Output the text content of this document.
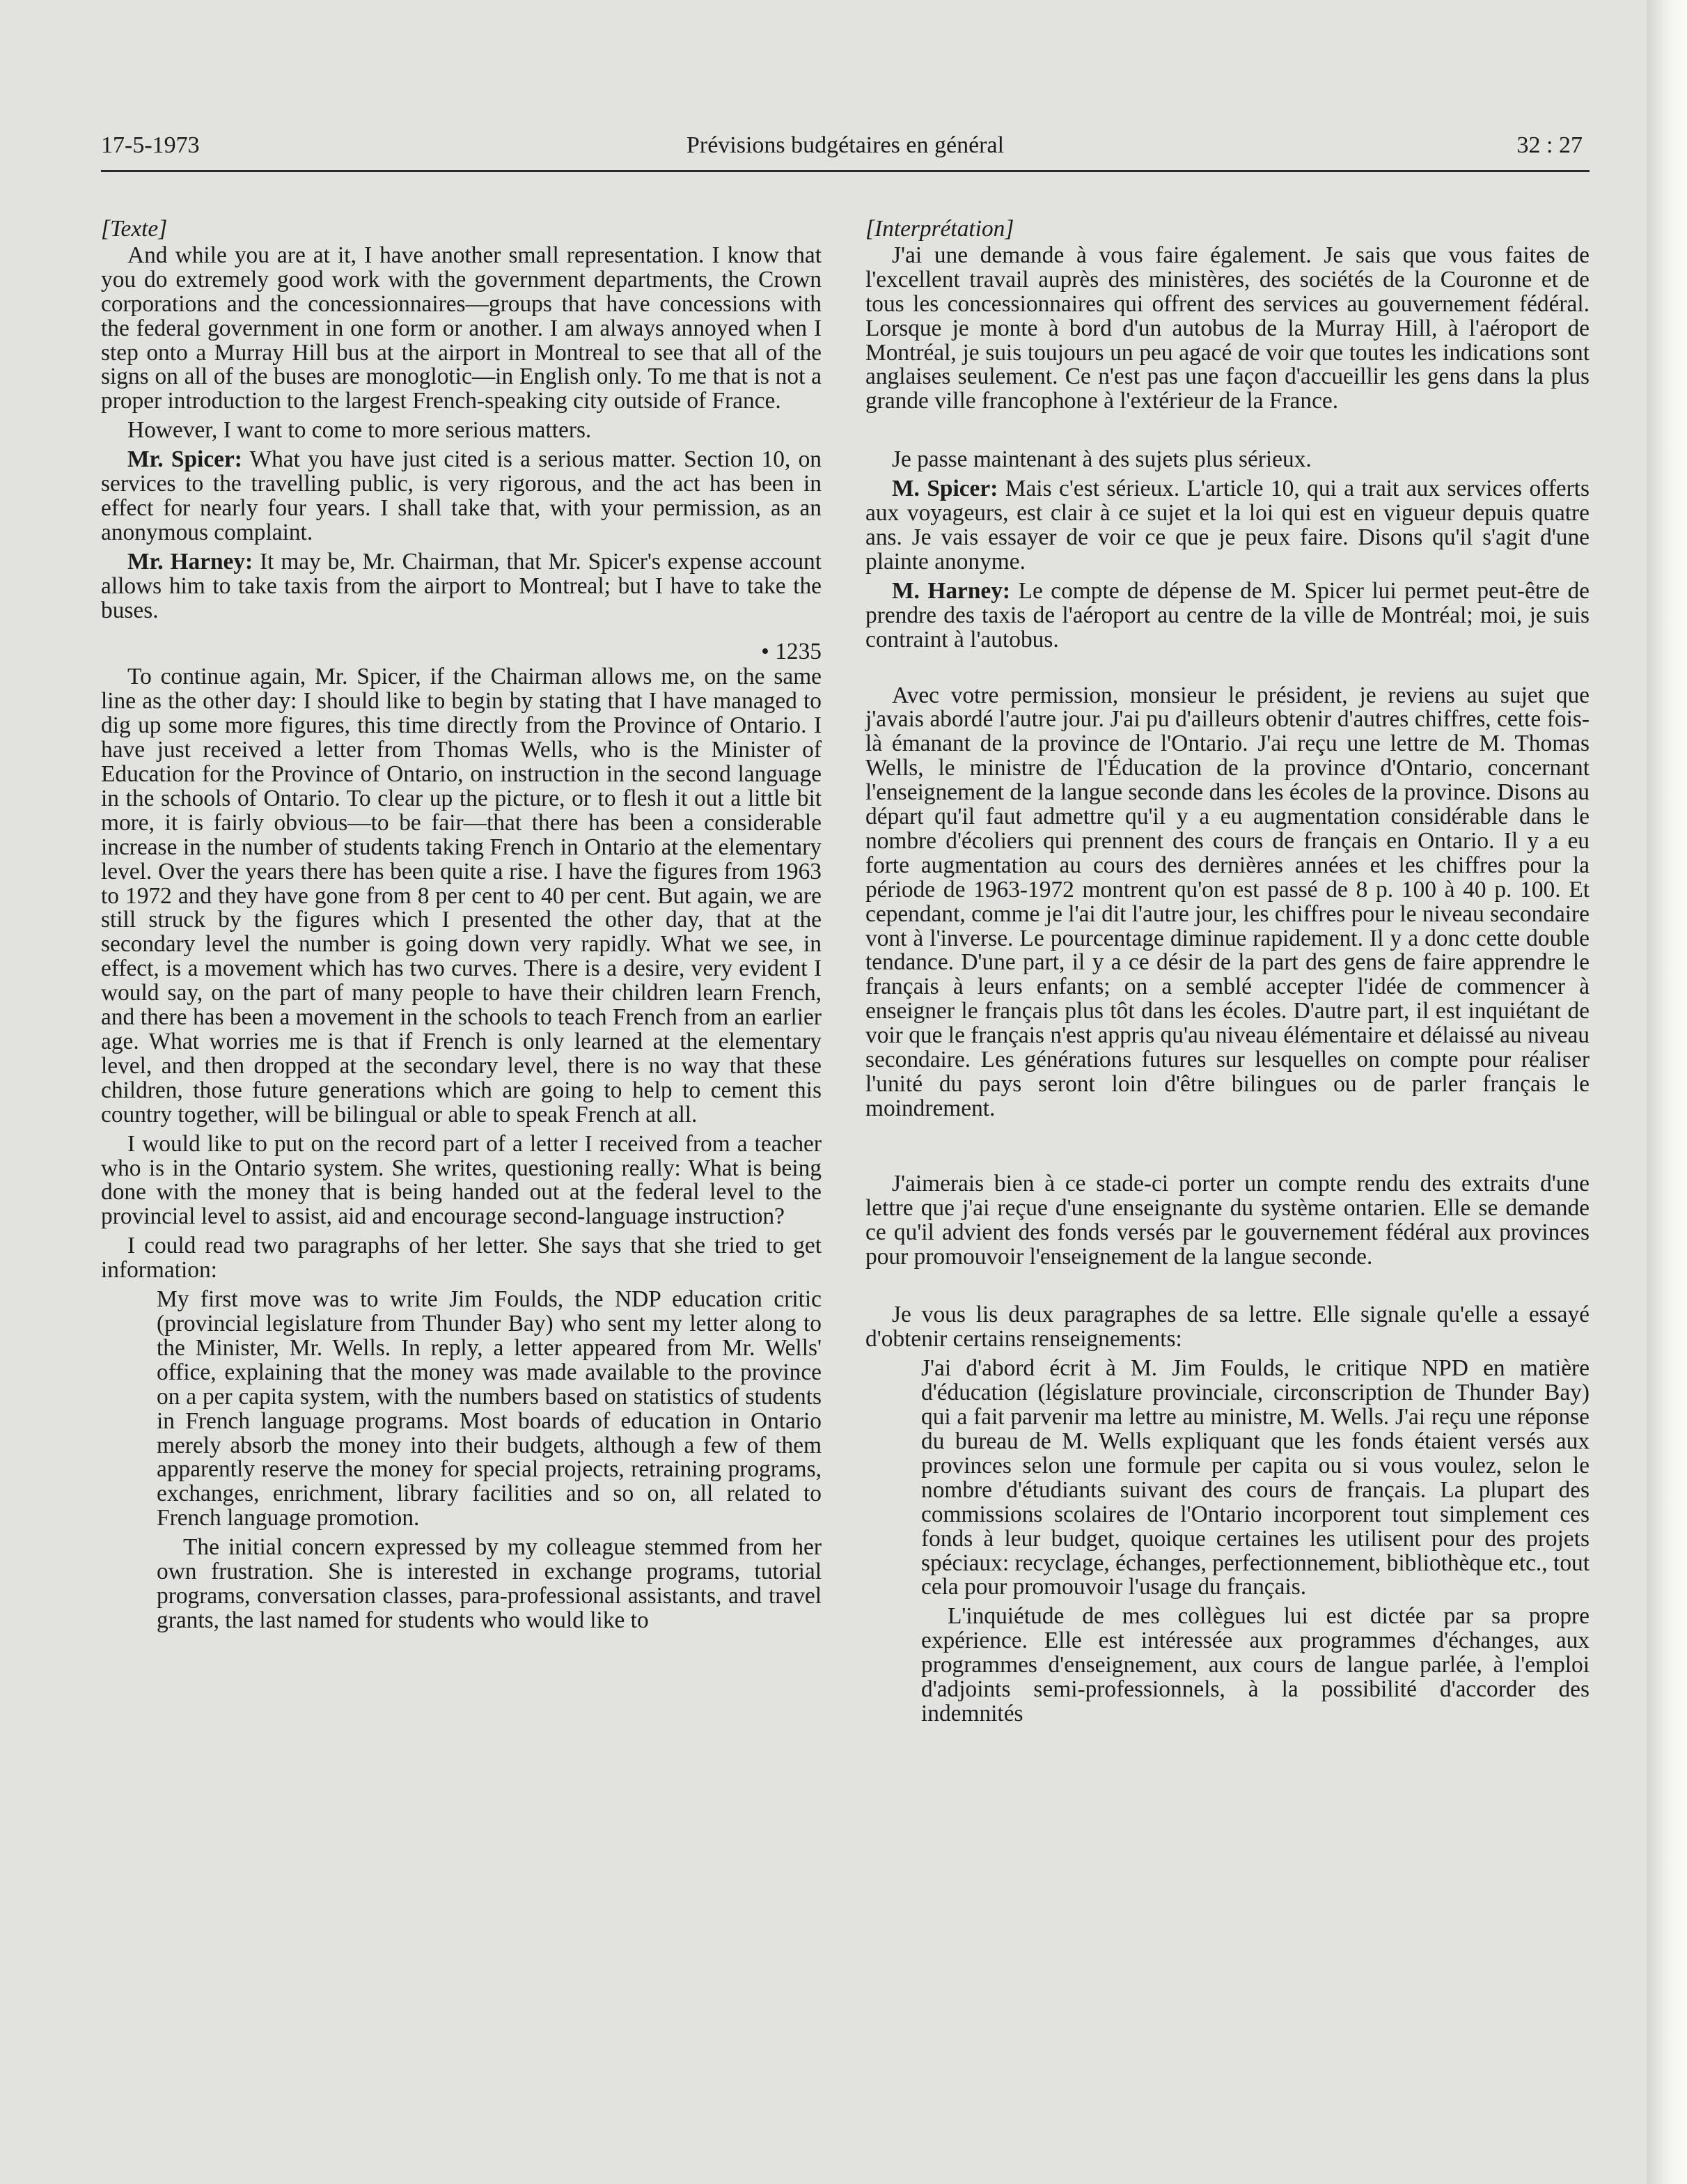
17-5-1973	Prévisions budgétaires en général	32 : 27

[Texte]

And while you are at it, I have another small representation. I know that you do extremely good work with the government departments, the Crown corporations and the concessionnaires—groups that have concessions with the federal government in one form or another. I am always annoyed when I step onto a Murray Hill bus at the airport in Montreal to see that all of the signs on all of the buses are monoglotic—in English only. To me that is not a proper introduction to the largest French-speaking city outside of France.

However, I want to come to more serious matters.

Mr. Spicer: What you have just cited is a serious matter. Section 10, on services to the travelling public, is very rigorous, and the act has been in effect for nearly four years. I shall take that, with your permission, as an anonymous complaint.

Mr. Harney: It may be, Mr. Chairman, that Mr. Spicer's expense account allows him to take taxis from the airport to Montreal; but I have to take the buses.

• 1235

To continue again, Mr. Spicer, if the Chairman allows me, on the same line as the other day: I should like to begin by stating that I have managed to dig up some more figures, this time directly from the Province of Ontario. I have just received a letter from Thomas Wells, who is the Minister of Education for the Province of Ontario, on instruction in the second language in the schools of Ontario. To clear up the picture, or to flesh it out a little bit more, it is fairly obvious—to be fair—that there has been a considerable increase in the number of students taking French in Ontario at the elementary level. Over the years there has been quite a rise. I have the figures from 1963 to 1972 and they have gone from 8 per cent to 40 per cent. But again, we are still struck by the figures which I presented the other day, that at the secondary level the number is going down very rapidly. What we see, in effect, is a movement which has two curves. There is a desire, very evident I would say, on the part of many people to have their children learn French, and there has been a movement in the schools to teach French from an earlier age. What worries me is that if French is only learned at the elementary level, and then dropped at the secondary level, there is no way that these children, those future generations which are going to help to cement this country together, will be bilingual or able to speak French at all.

I would like to put on the record part of a letter I received from a teacher who is in the Ontario system. She writes, questioning really: What is being done with the money that is being handed out at the federal level to the provincial level to assist, aid and encourage second-language instruction?

I could read two paragraphs of her letter. She says that she tried to get information:

My first move was to write Jim Foulds, the NDP education critic (provincial legislature from Thunder Bay) who sent my letter along to the Minister, Mr. Wells. In reply, a letter appeared from Mr. Wells' office, explaining that the money was made available to the province on a per capita system, with the numbers based on statistics of students in French language programs. Most boards of education in Ontario merely absorb the money into their budgets, although a few of them apparently reserve the money for special projects, retraining programs, exchanges, enrichment, library facilities and so on, all related to French language promotion.

The initial concern expressed by my colleague stemmed from her own frustration. She is interested in exchange programs, tutorial programs, conversation classes, para-professional assistants, and travel grants, the last named for students who would like to

[Interprétation]

J'ai une demande à vous faire également. Je sais que vous faites de l'excellent travail auprès des ministères, des sociétés de la Couronne et de tous les concessionnaires qui offrent des services au gouvernement fédéral. Lorsque je monte à bord d'un autobus de la Murray Hill, à l'aéroport de Montréal, je suis toujours un peu agacé de voir que toutes les indications sont anglaises seulement. Ce n'est pas une façon d'accueillir les gens dans la plus grande ville francophone à l'extérieur de la France.

Je passe maintenant à des sujets plus sérieux.

M. Spicer: Mais c'est sérieux. L'article 10, qui a trait aux services offerts aux voyageurs, est clair à ce sujet et la loi qui est en vigueur depuis quatre ans. Je vais essayer de voir ce que je peux faire. Disons qu'il s'agit d'une plainte anonyme.

M. Harney: Le compte de dépense de M. Spicer lui permet peut-être de prendre des taxis de l'aéroport au centre de la ville de Montréal; moi, je suis contraint à l'autobus.

Avec votre permission, monsieur le président, je reviens au sujet que j'avais abordé l'autre jour. J'ai pu d'ailleurs obtenir d'autres chiffres, cette fois-là émanant de la province de l'Ontario. J'ai reçu une lettre de M. Thomas Wells, le ministre de l'Éducation de la province d'Ontario, concernant l'enseignement de la langue seconde dans les écoles de la province. Disons au départ qu'il faut admettre qu'il y a eu augmentation considérable dans le nombre d'écoliers qui prennent des cours de français en Ontario. Il y a eu forte augmentation au cours des dernières années et les chiffres pour la période de 1963-1972 montrent qu'on est passé de 8 p. 100 à 40 p. 100. Et cependant, comme je l'ai dit l'autre jour, les chiffres pour le niveau secondaire vont à l'inverse. Le pourcentage diminue rapidement. Il y a donc cette double tendance. D'une part, il y a ce désir de la part des gens de faire apprendre le français à leurs enfants; on a semblé accepter l'idée de commencer à enseigner le français plus tôt dans les écoles. D'autre part, il est inquiétant de voir que le français n'est appris qu'au niveau élémentaire et délaissé au niveau secondaire. Les générations futures sur lesquelles on compte pour réaliser l'unité du pays seront loin d'être bilingues ou de parler français le moindrement.

J'aimerais bien à ce stade-ci porter un compte rendu des extraits d'une lettre que j'ai reçue d'une enseignante du système ontarien. Elle se demande ce qu'il advient des fonds versés par le gouvernement fédéral aux provinces pour promouvoir l'enseignement de la langue seconde.

Je vous lis deux paragraphes de sa lettre. Elle signale qu'elle a essayé d'obtenir certains renseignements:

J'ai d'abord écrit à M. Jim Foulds, le critique NPD en matière d'éducation (législature provinciale, circonscription de Thunder Bay) qui a fait parvenir ma lettre au ministre, M. Wells. J'ai reçu une réponse du bureau de M. Wells expliquant que les fonds étaient versés aux provinces selon une formule per capita ou si vous voulez, selon le nombre d'étudiants suivant des cours de français. La plupart des commissions scolaires de l'Ontario incorporent tout simplement ces fonds à leur budget, quoique certaines les utilisent pour des projets spéciaux: recyclage, échanges, perfectionnement, bibliothèque etc., tout cela pour promouvoir l'usage du français.

L'inquiétude de mes collègues lui est dictée par sa propre expérience. Elle est intéressée aux programmes d'échanges, aux programmes d'enseignement, aux cours de langue parlée, à l'emploi d'adjoints semi-professionnels, à la possibilité d'accorder des indemnités
